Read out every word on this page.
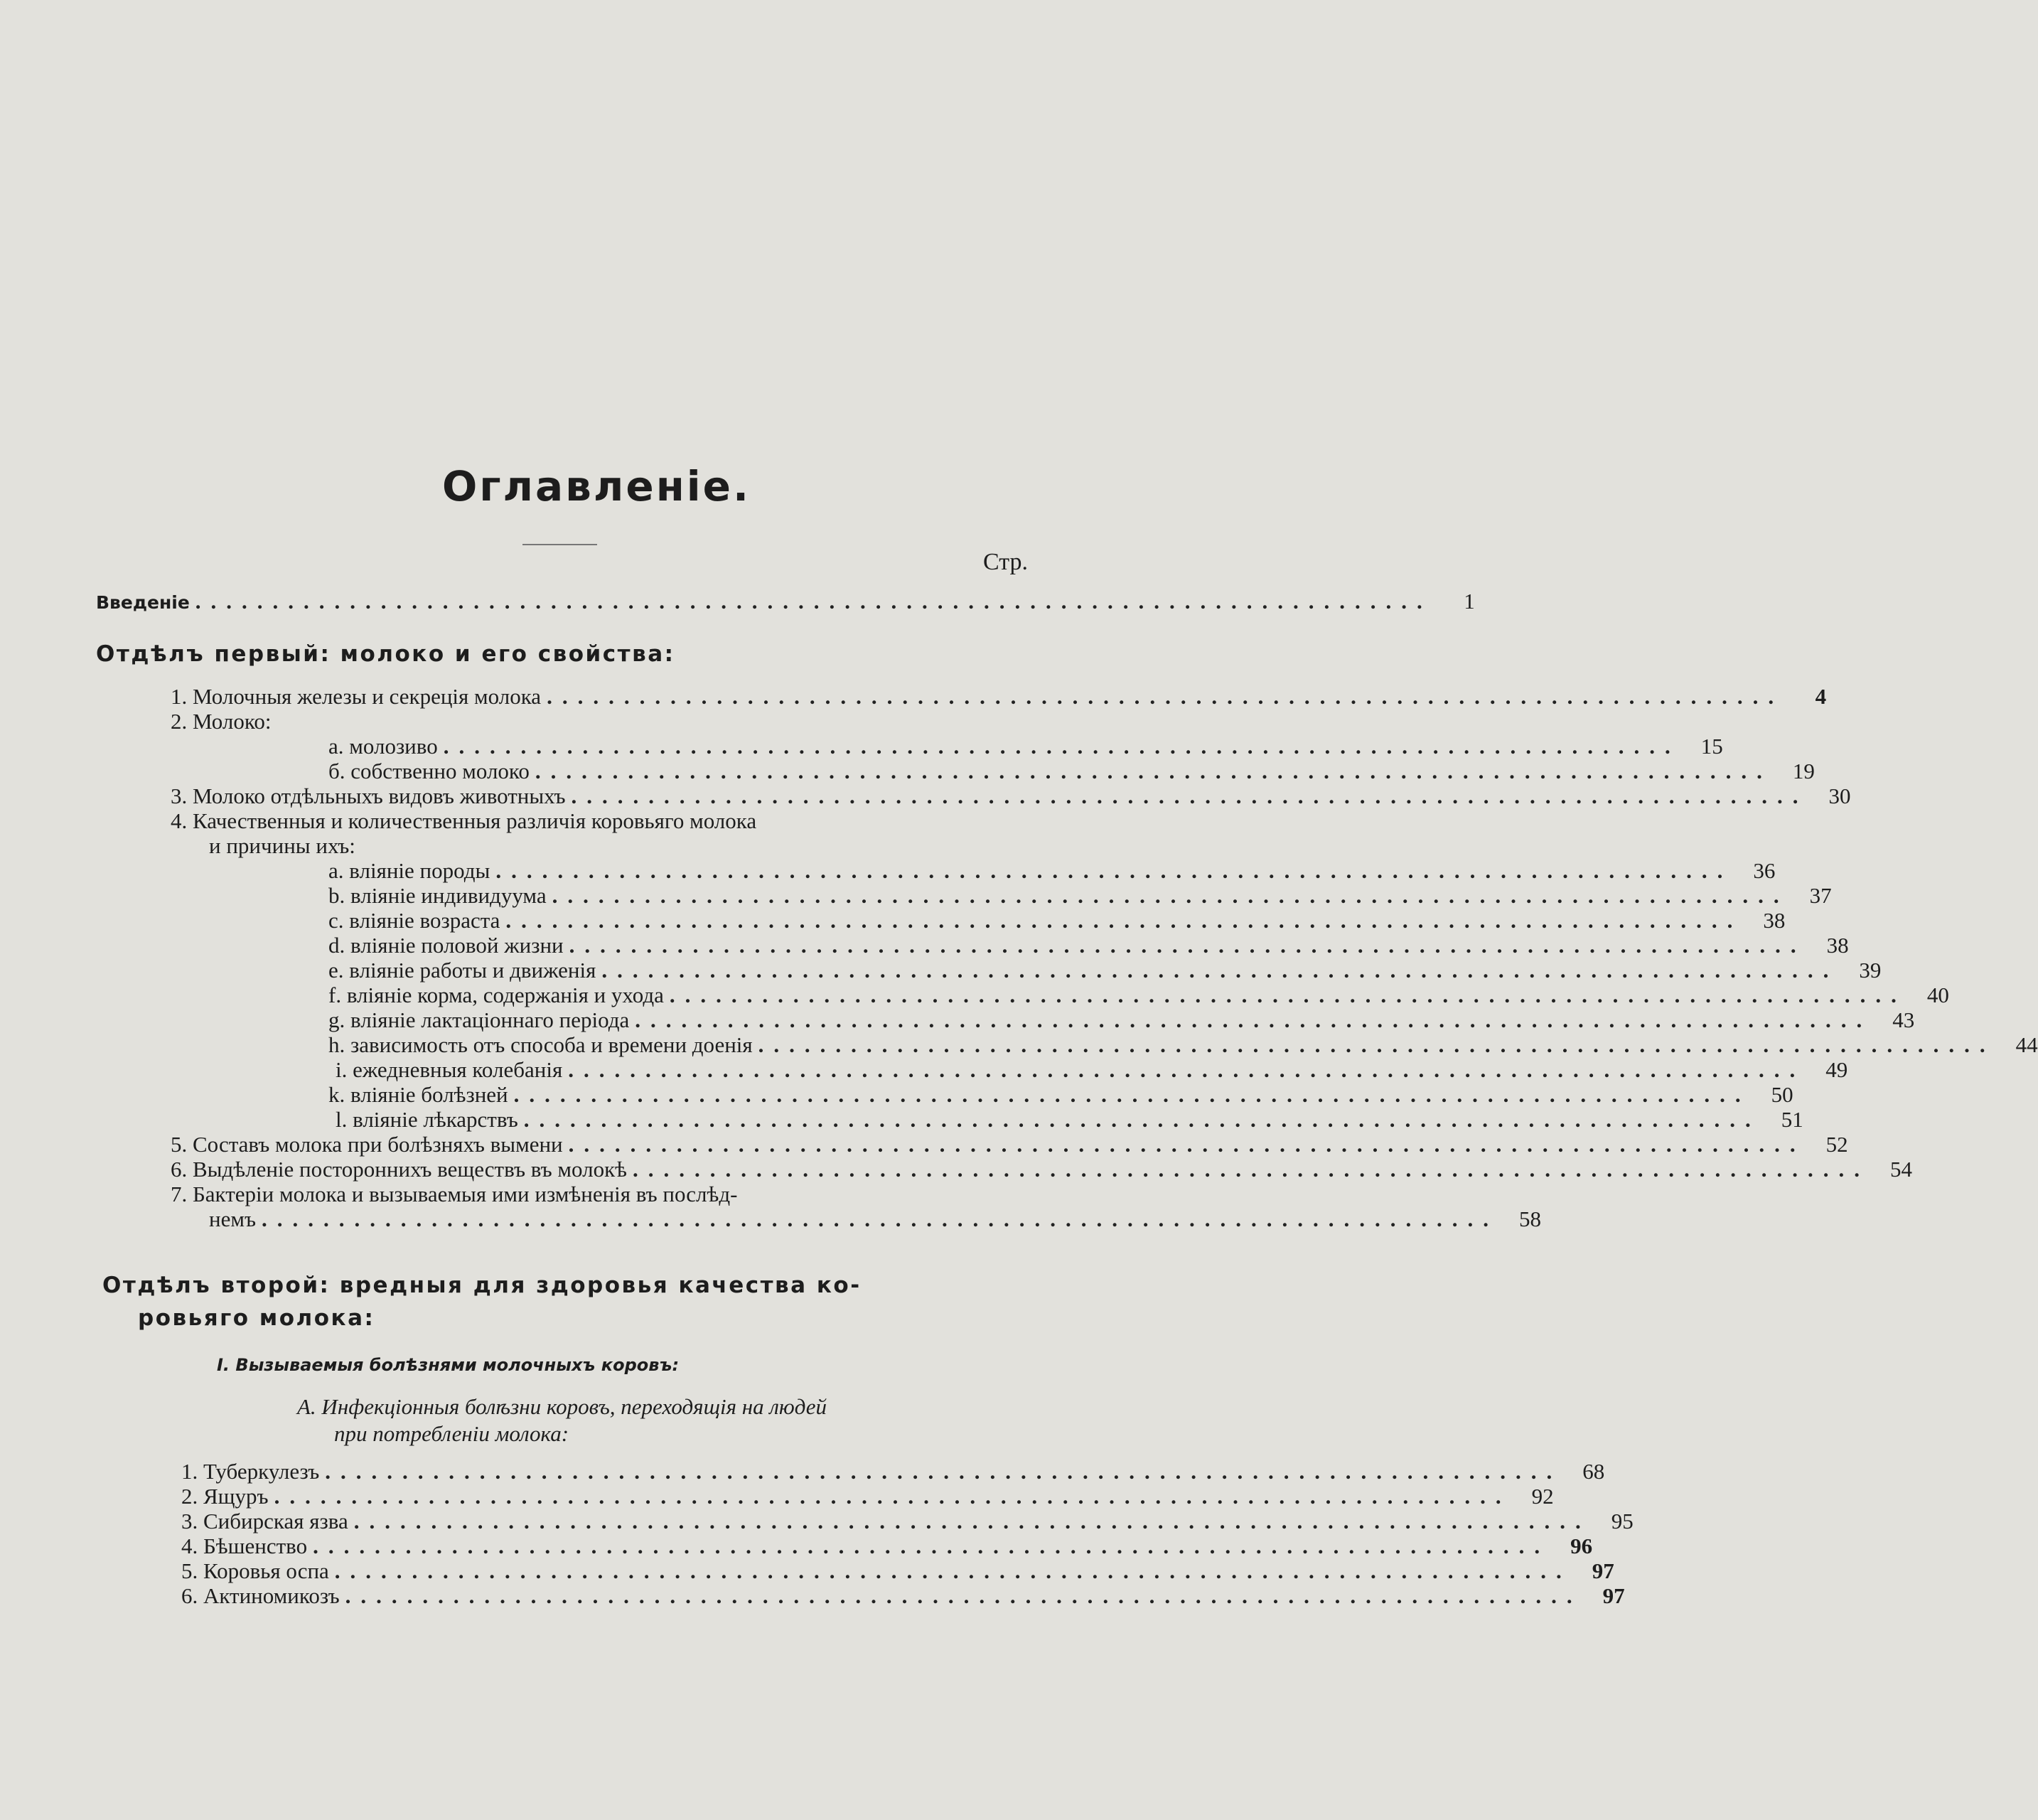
Оглавленіе.
Стр.
Введеніе ................................................................................	1
Отдѣлъ первый: молоко и его свойства:
1. Молочныя железы и секреція молока ................................................................................	4
2. Молоко:
а. молозиво ................................................................................ 15
б. собственно молоко ................................................................................ 19
3. Молоко отдѣльныхъ видовъ животныхъ ................................................................................ 30
4. Качественныя и количественныя различія коровьяго молока
и причины ихъ:
а. вліяніе породы ................................................................................ 36
b. вліяніе индивидуума ................................................................................ 37
c. вліяніе возраста ................................................................................ 38
d. вліяніе половой жизни ................................................................................ 38
e. вліяніе работы и движенія ................................................................................ 39
f. вліяніе корма, содержанія и ухода ................................................................................ 40
g. вліяніе лактаціоннаго періода ................................................................................ 43
h. зависимость отъ способа и времени доенія ................................................................................ 44
i. ежедневныя колебанія ................................................................................ 49
k. вліяніе болѣзней ................................................................................ 50
l. вліяніе лѣкарствъ ................................................................................ 51
5. Составъ молока при болѣзняхъ вымени ................................................................................ 52
6. Выдѣленіе постороннихъ веществъ въ молокѣ ................................................................................ 54
7. Бактеріи молока и вызываемыя ими измѣненія въ послѣд-
немъ ................................................................................ 58
Отдѣлъ второй: вредныя для здоровья качества ко-
ровьяго молока:
I. Вызываемыя болѣзнями молочныхъ коровъ:
А. Инфекціонныя болѣзни коровъ, переходящія на людей
при потребленіи молока:
1. Туберкулезъ ................................................................................ 68
2. Ящуръ ................................................................................ 92
3. Сибирская язва ................................................................................ 95
4. Бѣшенство ................................................................................ 96
5. Коровья оспа ................................................................................ 97
6. Актиномикозъ ................................................................................ 97
